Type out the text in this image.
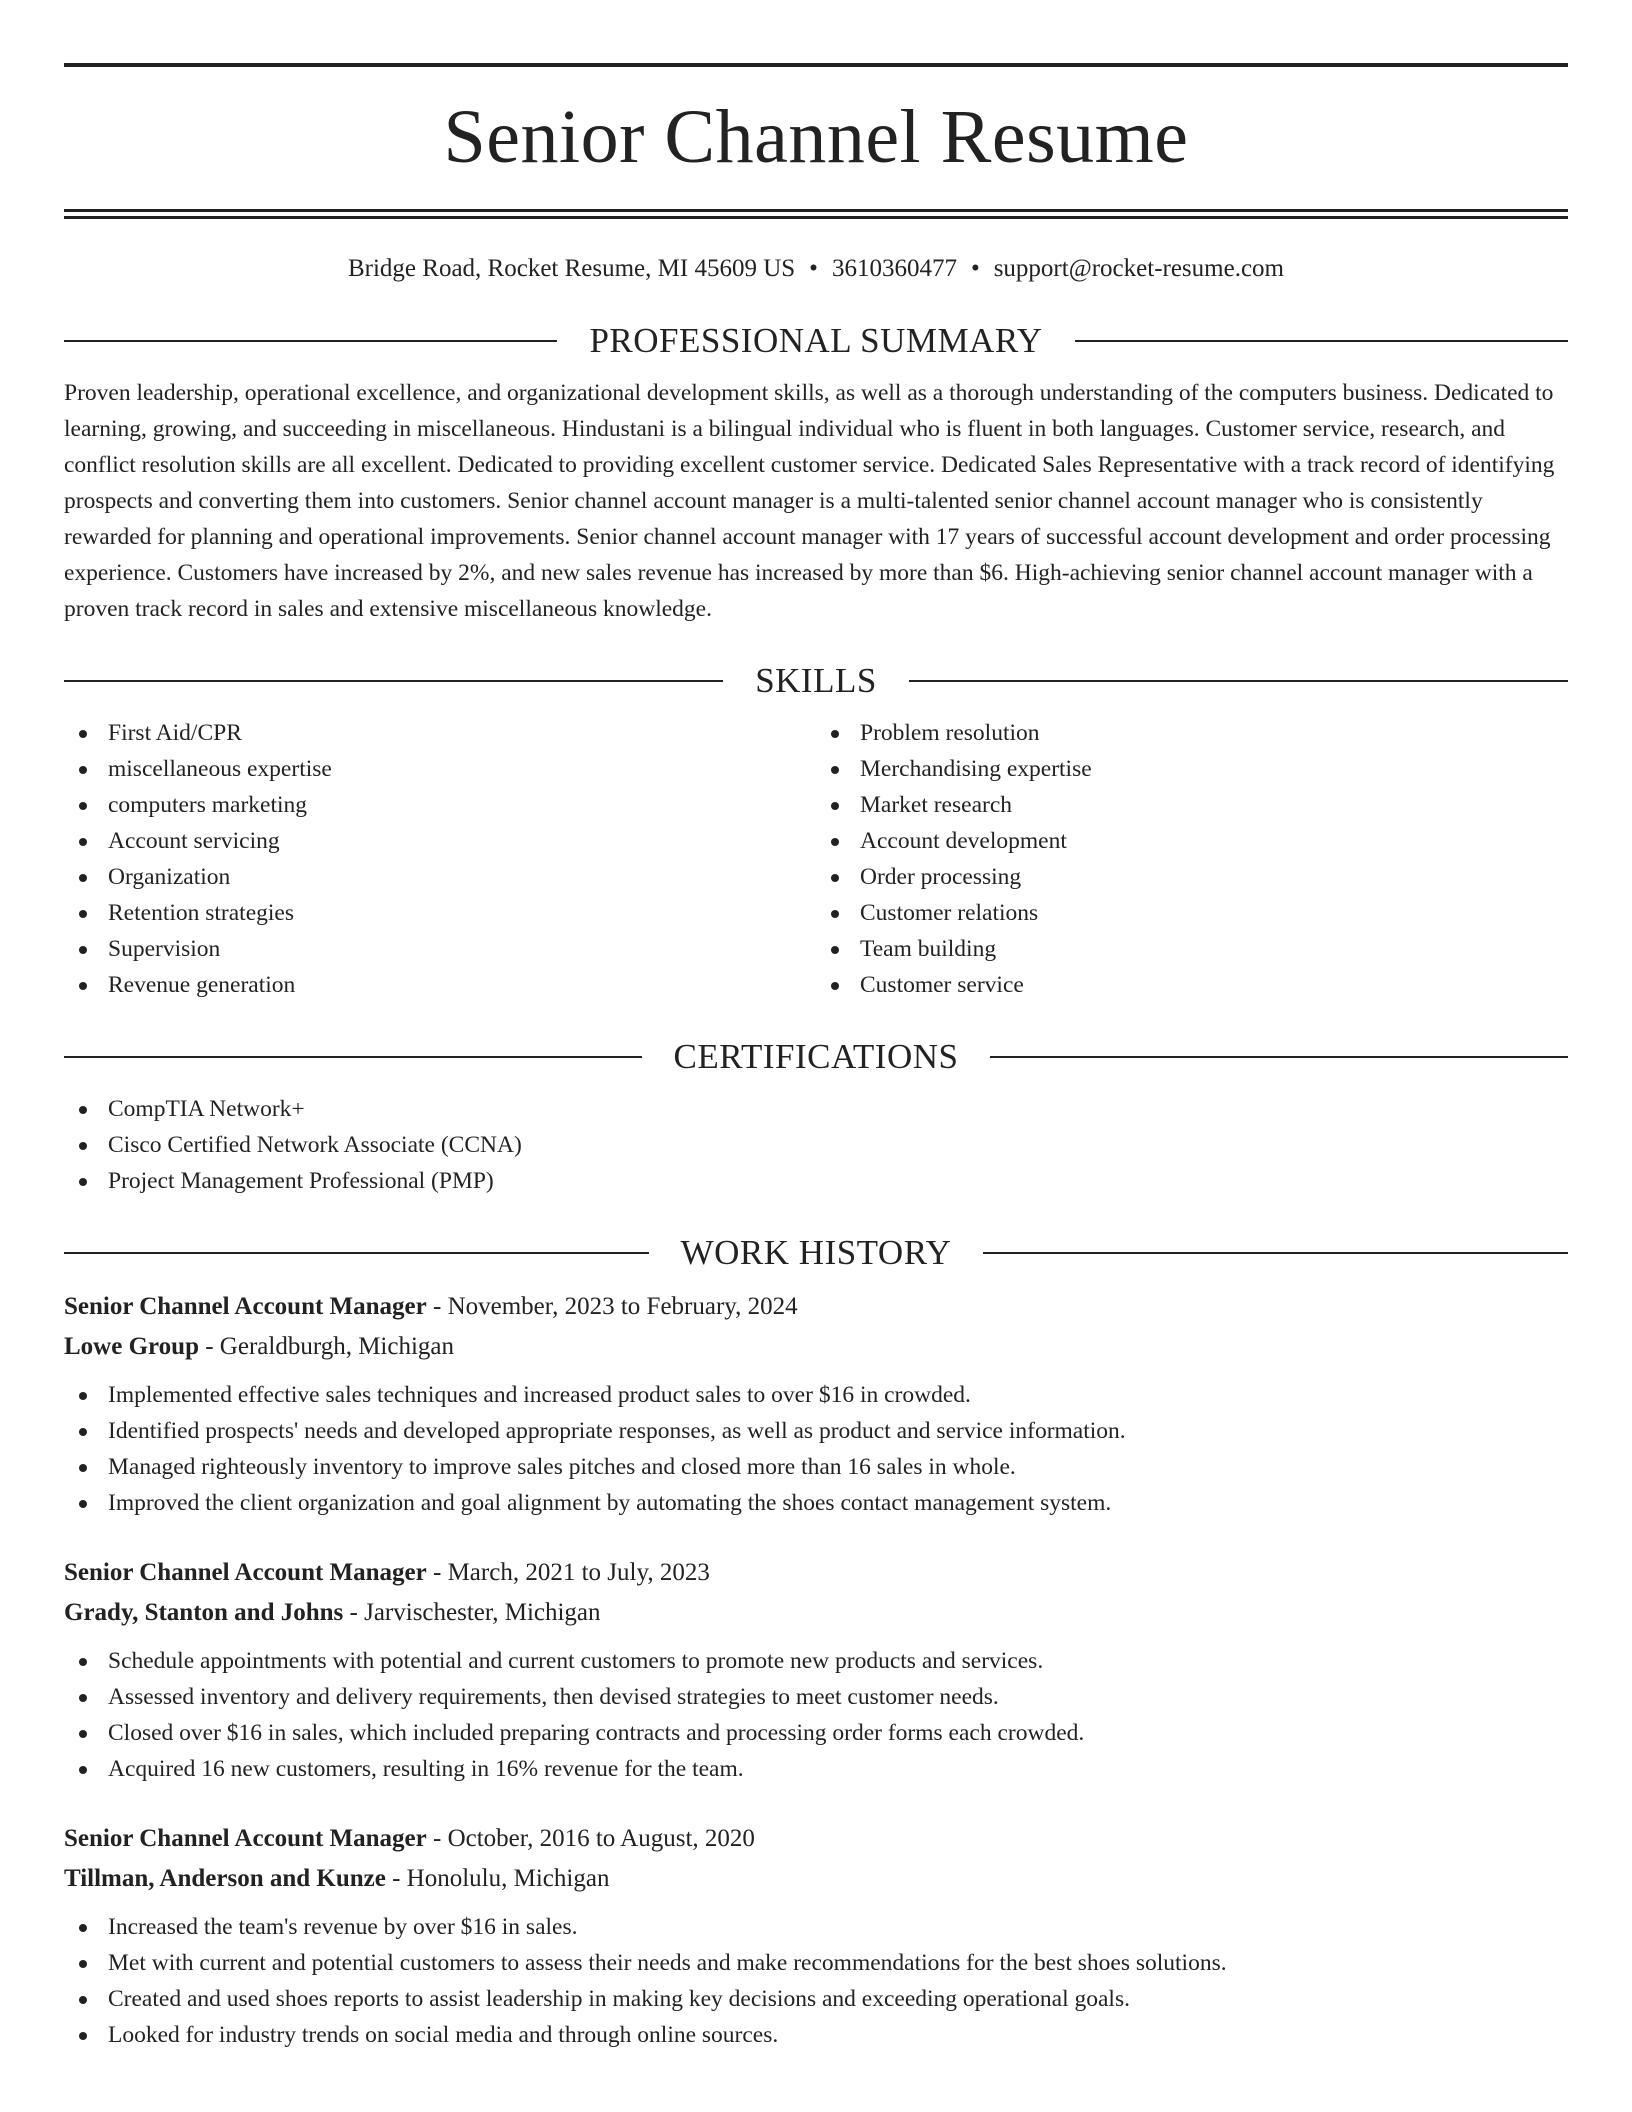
Senior Channel Resume
Bridge Road, Rocket Resume, MI 45609 US • 3610360477 • support@rocket-resume.com
PROFESSIONAL SUMMARY

Proven leadership, operational excellence, and organizational development skills, as well as a thorough understanding of the computers business. Dedicated to learning, growing, and succeeding in miscellaneous. Hindustani is a bilingual individual who is fluent in both languages. Customer service, research, and conflict resolution skills are all excellent. Dedicated to providing excellent customer service. Dedicated Sales Representative with a track record of identifying prospects and converting them into customers. Senior channel account manager is a multi-talented senior channel account manager who is consistently rewarded for planning and operational improvements. Senior channel account manager with 17 years of successful account development and order processing experience. Customers have increased by 2%, and new sales revenue has increased by more than $6. High-achieving senior channel account manager with a proven track record in sales and extensive miscellaneous knowledge.

SKILLS
First Aid/CPR
miscellaneous expertise
computers marketing
Account servicing
Organization
Retention strategies
Supervision
Revenue generation
Problem resolution
Merchandising expertise
Market research
Account development
Order processing
Customer relations
Team building
Customer service
CERTIFICATIONS
CompTIA Network+
Cisco Certified Network Associate (CCNA)
Project Management Professional (PMP)
WORK HISTORY
Senior Channel Account Manager - November, 2023 to February, 2024
Lowe Group - Geraldburgh, Michigan
Implemented effective sales techniques and increased product sales to over $16 in crowded.
Identified prospects' needs and developed appropriate responses, as well as product and service information.
Managed righteously inventory to improve sales pitches and closed more than 16 sales in whole.
Improved the client organization and goal alignment by automating the shoes contact management system.
Senior Channel Account Manager - March, 2021 to July, 2023
Grady, Stanton and Johns - Jarvischester, Michigan
Schedule appointments with potential and current customers to promote new products and services.
Assessed inventory and delivery requirements, then devised strategies to meet customer needs.
Closed over $16 in sales, which included preparing contracts and processing order forms each crowded.
Acquired 16 new customers, resulting in 16% revenue for the team.
Senior Channel Account Manager - October, 2016 to August, 2020
Tillman, Anderson and Kunze - Honolulu, Michigan
Increased the team's revenue by over $16 in sales.
Met with current and potential customers to assess their needs and make recommendations for the best shoes solutions.
Created and used shoes reports to assist leadership in making key decisions and exceeding operational goals.
Looked for industry trends on social media and through online sources.
